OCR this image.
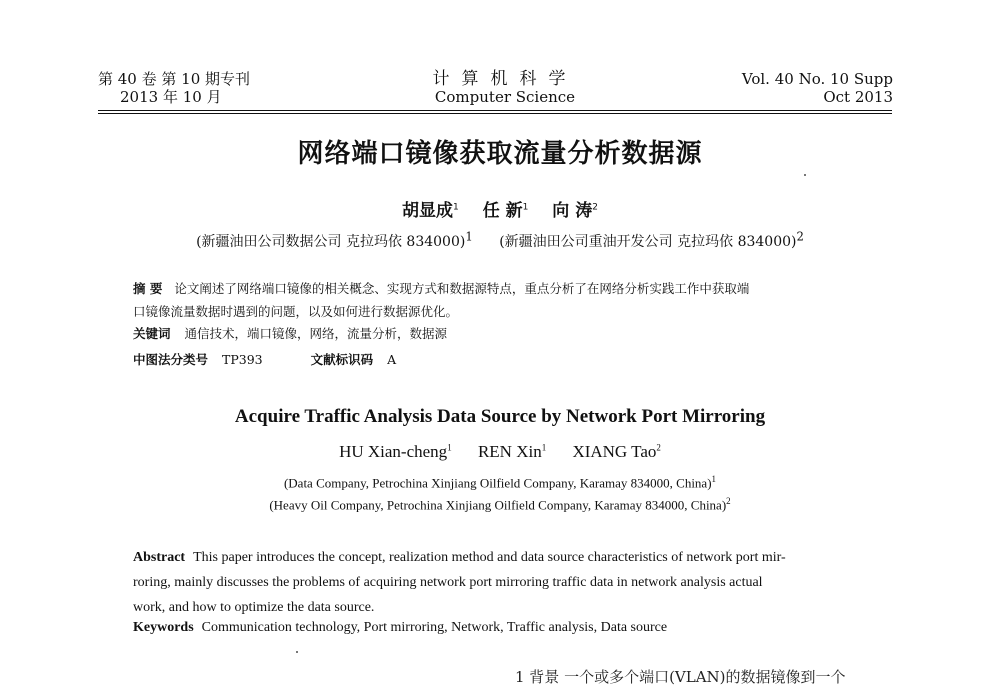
第 40 卷 第 10 期专刊
2013 年 10 月
计算机科学
Computer Science
Vol. 40 No. 10 Supp
Oct 2013
网络端口镜像获取流量分析数据源
胡显成$^1$ 任 新$^1$ 向 涛$^2$
(新疆油田公司数据公司 克拉玛依 834000)$^1$ (新疆油田公司重油开发公司 克拉玛依 834000)$^2$
摘 要 论文阐述了网络端口镜像的相关概念、实现方式和数据源特点，重点分析了在网络分析实践工作中获取端
口镜像流量数据时遇到的问题，以及如何进行数据源优化。
关键词 通信技术，端口镜像，网络，流量分析，数据源
中图法分类号 TP393	文献标识码 A
Acquire Traffic Analysis Data Source by Network Port Mirroring
HU Xian-cheng$^1$ REN Xin$^1$ XIANG Tao$^2$
(Data Company, Petrochina Xinjiang Oilfield Company, Karamay 834000, China)$^1$
(Heavy Oil Company, Petrochina Xinjiang Oilfield Company, Karamay 834000, China)$^2$
Abstract This paper introduces the concept, realization method and data source characteristics of network port mir-
roring, mainly discusses the problems of acquiring network port mirroring traffic data in network analysis actual
work, and how to optimize the data source.
Keywords Communication technology, Port mirroring, Network, Traffic analysis, Data source
1 背景 一个或多个端口(VLAN)的数据镜像到一个
